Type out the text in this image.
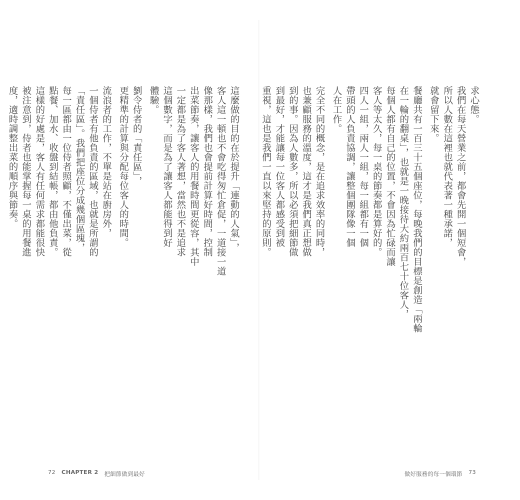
這麼做的目的在於提升「連動的人氣」，
客人這一頓也不會吃得匆忙倉促，一道接一道
像那樣，我們也會提前計算好時間，控制
出菜節奏，讓客人的用餐時間更從容，其中
一定都是為了客人著想，當然也不是追求
這個數字，而是為了讓客人都能得到好
體驗。
劉令侍者的「責任區」，
更精準的計算與分配每位客人的時間。
流浪者的工作，不單是站在廚房外，
一個侍者有他負責的區域，也就是所謂的
「責任區」。我們把座位分成幾個區塊，
每一區都由一位侍者照顧，不僅出菜，從
點餐、加水、收盤到結帳，都由他負責。
這樣的好處是，客人有任何需求都能很快
被注意到，侍者也能掌握每一桌的用餐進
度，適時調整出菜的順序與節奏。	求心態。
我們在每天營業之前，都會先開一個短會，
所以人數在這裡也就代表著一種承諾，
就會留下來。
餐廳共有一百三十五個座位，每晚我們的目標是創造「兩輪
在一輪的翻桌」，也就是一晚接待大約兩百七十位客人，
每個人都有自己的位置，不會因為忙碌而讓
客人等太久，每一桌的節奏都是算好的。
四人一組，兩人一組，每一組都有一個
帶頭的人負責協調，讓整個團隊像一個
人在工作。
完全不同的概念，是在追求效率的同時，
也兼顧服務的溫度，這才是我們真正想做
到的事。因為人數多，所以必須把細節做
到最好，才能讓每一位客人都感受到被
重視，這也是我們一直以來堅持的原則。
72 CHAPTER 2 把細節做到最好	做好服務的每一個環節 73
